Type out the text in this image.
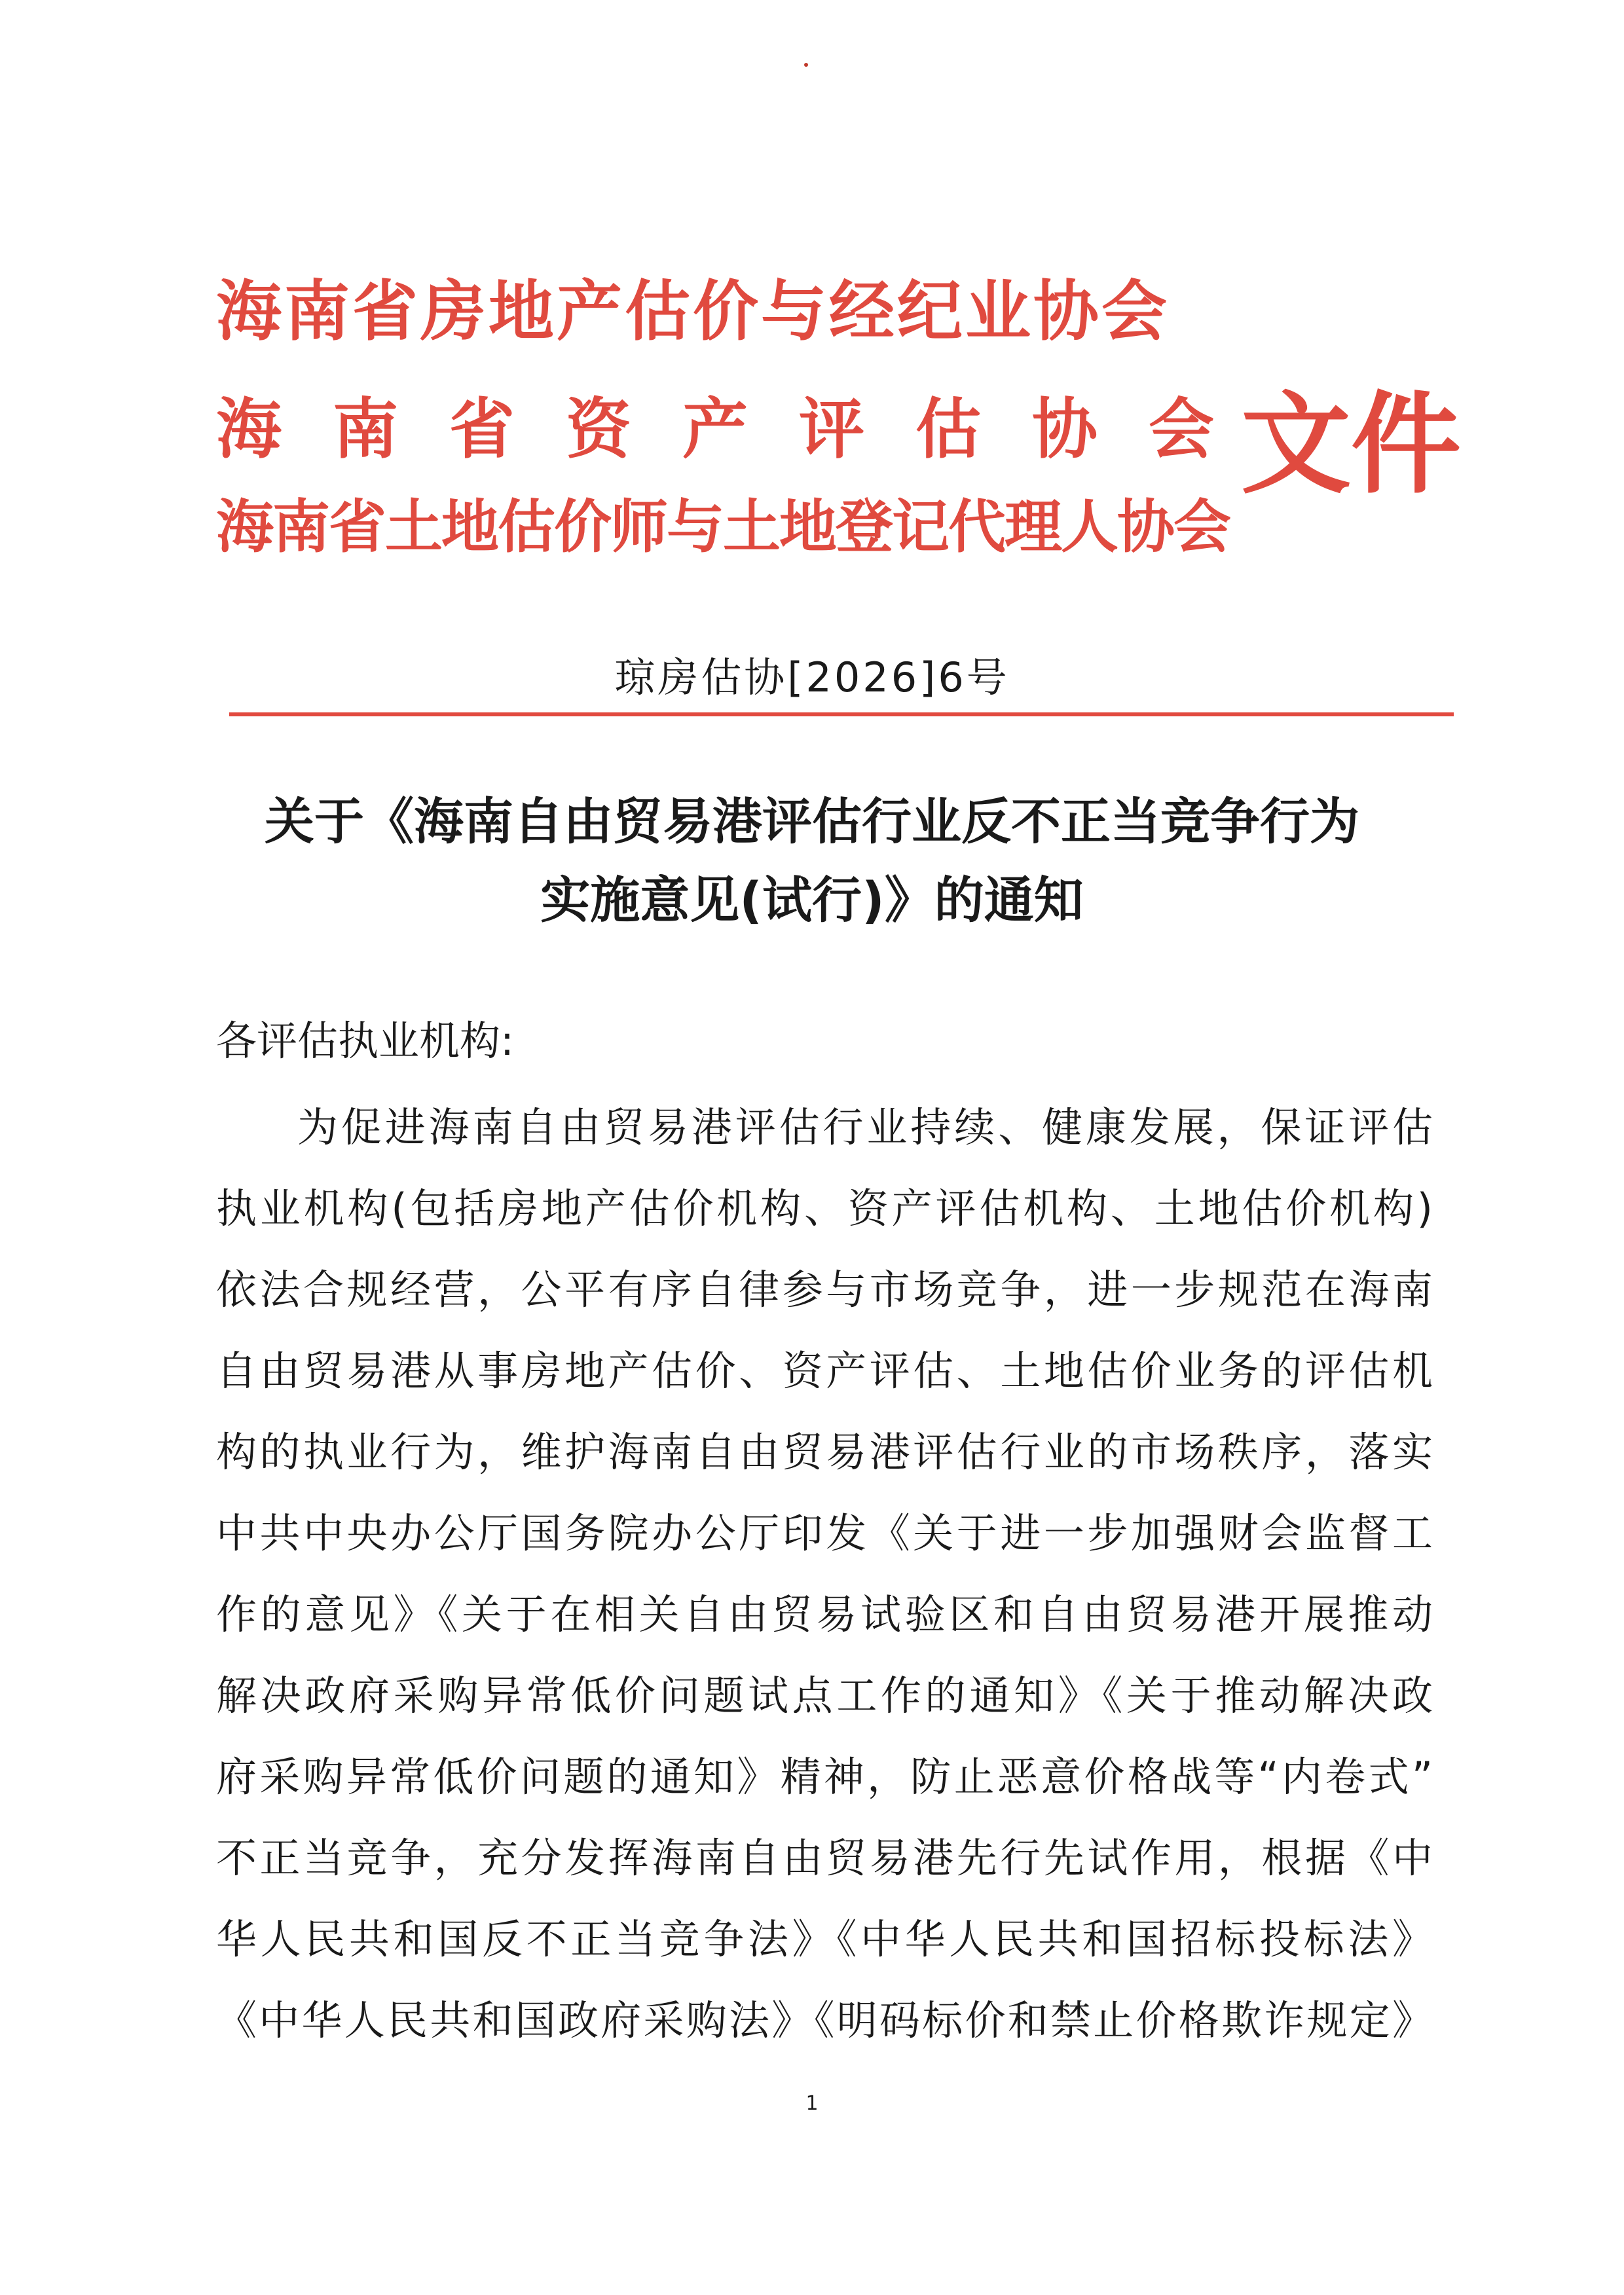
海南省房地产估价与经纪业协会
海南省资产评估协会
海南省土地估价师与土地登记代理人协会
文件
琼房估协[2026]6号
关于《海南自由贸易港评估行业反不正当竞争行为
实施意见(试行)》的通知
各评估执业机构:
为促进海南自由贸易港评估行业持续、健康发展，保证评估
执业机构(包括房地产估价机构、资产评估机构、土地估价机构)
依法合规经营，公平有序自律参与市场竞争，进一步规范在海南
自由贸易港从事房地产估价、资产评估、土地估价业务的评估机
构的执业行为，维护海南自由贸易港评估行业的市场秩序，落实
中共中央办公厅国务院办公厅印发《关于进一步加强财会监督工
作的意见》《关于在相关自由贸易试验区和自由贸易港开展推动
解决政府采购异常低价问题试点工作的通知》《关于推动解决政
府采购异常低价问题的通知》精神，防止恶意价格战等“内卷式”
不正当竞争，充分发挥海南自由贸易港先行先试作用，根据《中
华人民共和国反不正当竞争法》《中华人民共和国招标投标法》
《中华人民共和国政府采购法》《明码标价和禁止价格欺诈规定》
1
